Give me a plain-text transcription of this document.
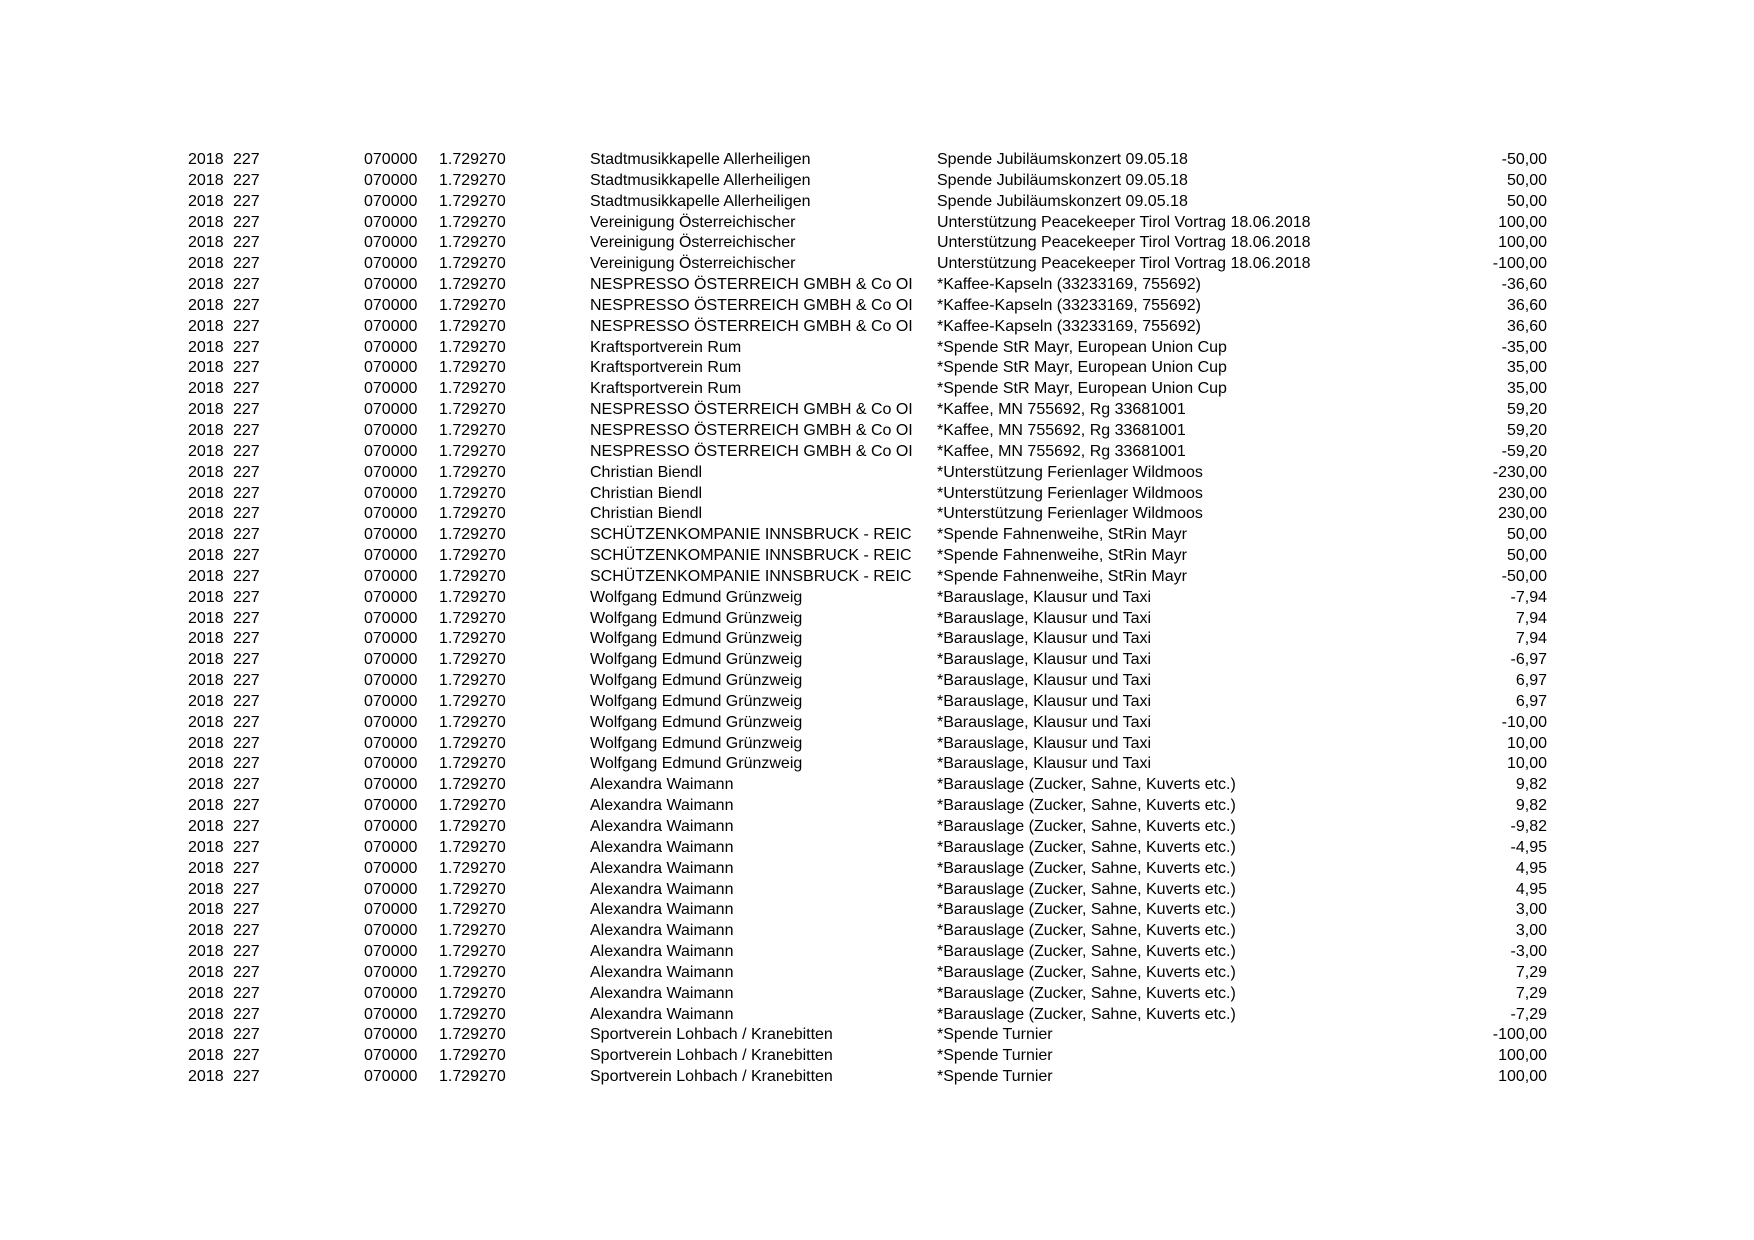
2018 227	070000	1.729270	Stadtmusikkapelle Allerheiligen	Spende Jubiläumskonzert 09.05.18	-50,00
2018 227	070000	1.729270	Stadtmusikkapelle Allerheiligen	Spende Jubiläumskonzert 09.05.18	50,00
2018 227	070000	1.729270	Stadtmusikkapelle Allerheiligen	Spende Jubiläumskonzert 09.05.18	50,00
2018 227	070000	1.729270	Vereinigung Österreichischer	Unterstützung Peacekeeper Tirol Vortrag 18.06.2018	100,00
2018 227	070000	1.729270	Vereinigung Österreichischer	Unterstützung Peacekeeper Tirol Vortrag 18.06.2018	100,00
2018 227	070000	1.729270	Vereinigung Österreichischer	Unterstützung Peacekeeper Tirol Vortrag 18.06.2018	-100,00
2018 227	070000	1.729270	NESPRESSO ÖSTERREICH GMBH & Co OI	*Kaffee-Kapseln (33233169, 755692)	-36,60
2018 227	070000	1.729270	NESPRESSO ÖSTERREICH GMBH & Co OI	*Kaffee-Kapseln (33233169, 755692)	36,60
2018 227	070000	1.729270	NESPRESSO ÖSTERREICH GMBH & Co OI	*Kaffee-Kapseln (33233169, 755692)	36,60
2018 227	070000	1.729270	Kraftsportverein Rum	*Spende StR Mayr, European Union Cup	-35,00
2018 227	070000	1.729270	Kraftsportverein Rum	*Spende StR Mayr, European Union Cup	35,00
2018 227	070000	1.729270	Kraftsportverein Rum	*Spende StR Mayr, European Union Cup	35,00
2018 227	070000	1.729270	NESPRESSO ÖSTERREICH GMBH & Co OI	*Kaffee, MN 755692, Rg 33681001	59,20
2018 227	070000	1.729270	NESPRESSO ÖSTERREICH GMBH & Co OI	*Kaffee, MN 755692, Rg 33681001	59,20
2018 227	070000	1.729270	NESPRESSO ÖSTERREICH GMBH & Co OI	*Kaffee, MN 755692, Rg 33681001	-59,20
2018 227	070000	1.729270	Christian Biendl	*Unterstützung Ferienlager Wildmoos	-230,00
2018 227	070000	1.729270	Christian Biendl	*Unterstützung Ferienlager Wildmoos	230,00
2018 227	070000	1.729270	Christian Biendl	*Unterstützung Ferienlager Wildmoos	230,00
2018 227	070000	1.729270	SCHÜTZENKOMPANIE INNSBRUCK - REIC	*Spende Fahnenweihe, StRin Mayr	50,00
2018 227	070000	1.729270	SCHÜTZENKOMPANIE INNSBRUCK - REIC	*Spende Fahnenweihe, StRin Mayr	50,00
2018 227	070000	1.729270	SCHÜTZENKOMPANIE INNSBRUCK - REIC	*Spende Fahnenweihe, StRin Mayr	-50,00
2018 227	070000	1.729270	Wolfgang Edmund Grünzweig	*Barauslage, Klausur und Taxi	-7,94
2018 227	070000	1.729270	Wolfgang Edmund Grünzweig	*Barauslage, Klausur und Taxi	7,94
2018 227	070000	1.729270	Wolfgang Edmund Grünzweig	*Barauslage, Klausur und Taxi	7,94
2018 227	070000	1.729270	Wolfgang Edmund Grünzweig	*Barauslage, Klausur und Taxi	-6,97
2018 227	070000	1.729270	Wolfgang Edmund Grünzweig	*Barauslage, Klausur und Taxi	6,97
2018 227	070000	1.729270	Wolfgang Edmund Grünzweig	*Barauslage, Klausur und Taxi	6,97
2018 227	070000	1.729270	Wolfgang Edmund Grünzweig	*Barauslage, Klausur und Taxi	-10,00
2018 227	070000	1.729270	Wolfgang Edmund Grünzweig	*Barauslage, Klausur und Taxi	10,00
2018 227	070000	1.729270	Wolfgang Edmund Grünzweig	*Barauslage, Klausur und Taxi	10,00
2018 227	070000	1.729270	Alexandra Waimann	*Barauslage (Zucker, Sahne, Kuverts etc.)	9,82
2018 227	070000	1.729270	Alexandra Waimann	*Barauslage (Zucker, Sahne, Kuverts etc.)	9,82
2018 227	070000	1.729270	Alexandra Waimann	*Barauslage (Zucker, Sahne, Kuverts etc.)	-9,82
2018 227	070000	1.729270	Alexandra Waimann	*Barauslage (Zucker, Sahne, Kuverts etc.)	-4,95
2018 227	070000	1.729270	Alexandra Waimann	*Barauslage (Zucker, Sahne, Kuverts etc.)	4,95
2018 227	070000	1.729270	Alexandra Waimann	*Barauslage (Zucker, Sahne, Kuverts etc.)	4,95
2018 227	070000	1.729270	Alexandra Waimann	*Barauslage (Zucker, Sahne, Kuverts etc.)	3,00
2018 227	070000	1.729270	Alexandra Waimann	*Barauslage (Zucker, Sahne, Kuverts etc.)	3,00
2018 227	070000	1.729270	Alexandra Waimann	*Barauslage (Zucker, Sahne, Kuverts etc.)	-3,00
2018 227	070000	1.729270	Alexandra Waimann	*Barauslage (Zucker, Sahne, Kuverts etc.)	7,29
2018 227	070000	1.729270	Alexandra Waimann	*Barauslage (Zucker, Sahne, Kuverts etc.)	7,29
2018 227	070000	1.729270	Alexandra Waimann	*Barauslage (Zucker, Sahne, Kuverts etc.)	-7,29
2018 227	070000	1.729270	Sportverein Lohbach / Kranebitten	*Spende Turnier	-100,00
2018 227	070000	1.729270	Sportverein Lohbach / Kranebitten	*Spende Turnier	100,00
2018 227	070000	1.729270	Sportverein Lohbach / Kranebitten	*Spende Turnier	100,00
